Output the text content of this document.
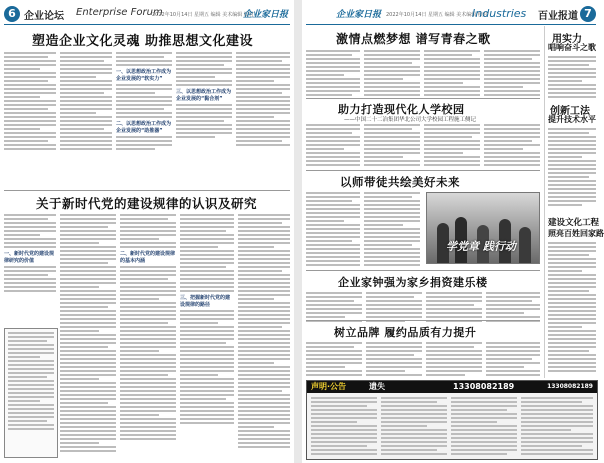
6 企业论坛 Enterprise Forum
2022年10月14日 星期五 编辑 美术编辑 校对
企业家日报
塑造企业文化灵魂 助推思想文化建设
一、以思想政治工作成为企业发展的“软实力”
二、以思想政治工作成为企业发展的“助推器”
三、以思想政治工作成为企业发展的“黏合剂”
关于新时代党的建设规律的认识及研究
一、新时代党的建设规律研究的价值
二、新时代党的建设规律的基本内涵
三、把握新时代党的建设规律的路径
企业家日报 2022年10月14日 星期五 编辑 美术编辑 校对
Industries 百业报道 7
激情点燃梦想 谱写青春之歌
助力打造现代化人学校园
——中国二十二冶集团华北公司大学校园工程施工侧记
以师带徒共绘美好未来
学党章 践行动
企业家钟强为家乡捐资建乐楼
树立品牌 履约品质有力提升
用实力
唱响奋斗之歌
创新工法
提升技术水平
建设文化工程
照亮百姓回家路
声明·公告	遗失	13308082189	13308082189
